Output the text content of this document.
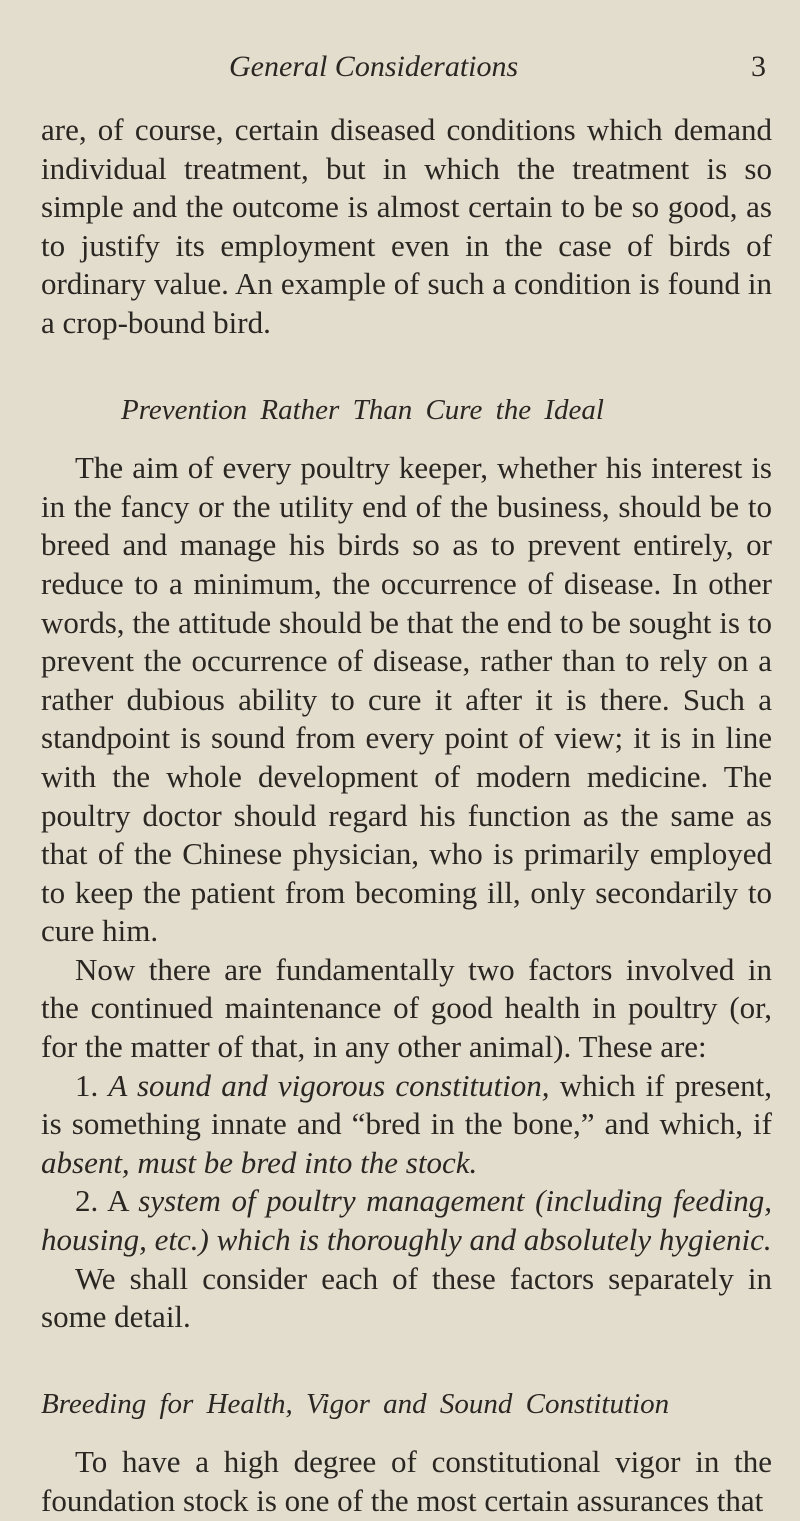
General Considerations	3

are, of course, certain diseased conditions which demand individual treatment, but in which the treatment is so simple and the outcome is almost certain to be so good, as to justify its employment even in the case of birds of ordinary value. An example of such a condition is found in a crop-bound bird.

Prevention Rather Than Cure the Ideal

The aim of every poultry keeper, whether his interest is in the fancy or the utility end of the business, should be to breed and manage his birds so as to prevent entirely, or reduce to a minimum, the occurrence of disease. In other words, the attitude should be that the end to be sought is to prevent the occurrence of disease, rather than to rely on a rather dubious ability to cure it after it is there. Such a standpoint is sound from every point of view; it is in line with the whole development of modern medicine. The poultry doctor should regard his function as the same as that of the Chinese physician, who is primarily employed to keep the patient from becoming ill, only secondarily to cure him.

Now there are fundamentally two factors involved in the continued maintenance of good health in poultry (or, for the matter of that, in any other animal). These are:

1. A sound and vigorous constitution, which if present, is something innate and “bred in the bone,” and which, if absent, must be bred into the stock.

2. A system of poultry management (including feeding, housing, etc.) which is thoroughly and absolutely hygienic.

We shall consider each of these factors separately in some detail.

Breeding for Health, Vigor and Sound Constitution

To have a high degree of constitutional vigor in the foundation stock is one of the most certain assurances that
